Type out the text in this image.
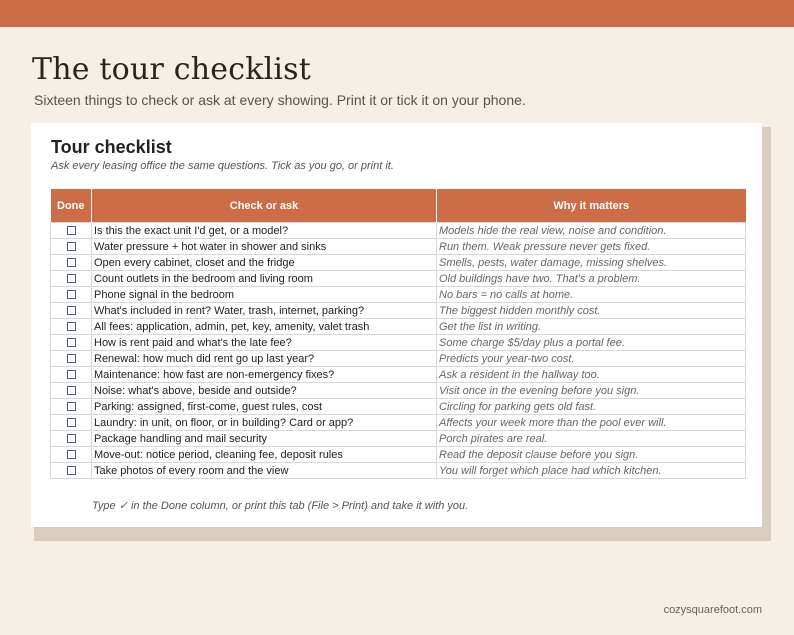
The tour checklist

Sixteen things to check or ask at every showing. Print it or tick it on your phone.

Tour checklist

Ask every leasing office the same questions. Tick as you go, or print it.

Done	Check or ask	Why it matters
	Is this the exact unit I'd get, or a model?	Models hide the real view, noise and condition.
	Water pressure + hot water in shower and sinks	Run them. Weak pressure never gets fixed.
	Open every cabinet, closet and the fridge	Smells, pests, water damage, missing shelves.
	Count outlets in the bedroom and living room	Old buildings have two. That's a problem.
	Phone signal in the bedroom	No bars = no calls at home.
	What's included in rent? Water, trash, internet, parking?	The biggest hidden monthly cost.
	All fees: application, admin, pet, key, amenity, valet trash	Get the list in writing.
	How is rent paid and what's the late fee?	Some charge $5/day plus a portal fee.
	Renewal: how much did rent go up last year?	Predicts your year-two cost.
	Maintenance: how fast are non-emergency fixes?	Ask a resident in the hallway too.
	Noise: what's above, beside and outside?	Visit once in the evening before you sign.
	Parking: assigned, first-come, guest rules, cost	Circling for parking gets old fast.
	Laundry: in unit, on floor, or in building? Card or app?	Affects your week more than the pool ever will.
	Package handling and mail security	Porch pirates are real.
	Move-out: notice period, cleaning fee, deposit rules	Read the deposit clause before you sign.
	Take photos of every room and the view	You will forget which place had which kitchen.

Type ✓ in the Done column, or print this tab (File > Print) and take it with you.

cozysquarefoot.com
